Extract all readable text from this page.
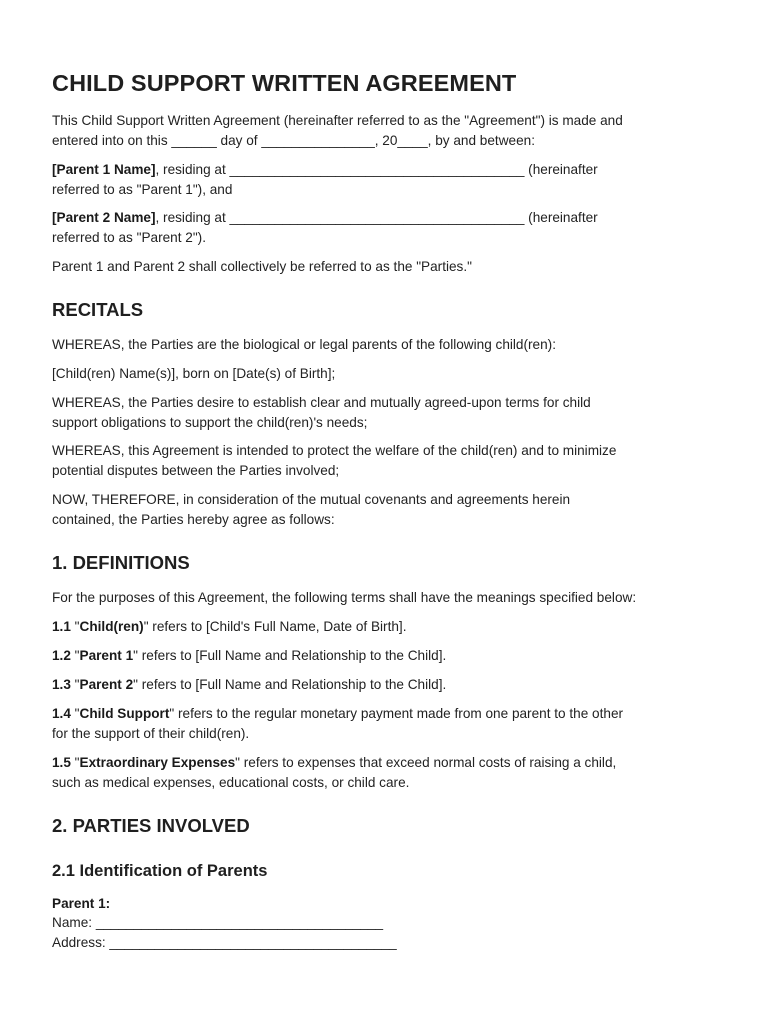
CHILD SUPPORT WRITTEN AGREEMENT

This Child Support Written Agreement (hereinafter referred to as the "Agreement") is made and

entered into on this ______ day of _______________, 20____, by and between:

[Parent 1 Name], residing at _______________________________________ (hereinafter

referred to as "Parent 1"), and

[Parent 2 Name], residing at _______________________________________ (hereinafter

referred to as "Parent 2").

Parent 1 and Parent 2 shall collectively be referred to as the "Parties."

RECITALS

WHEREAS, the Parties are the biological or legal parents of the following child(ren):

[Child(ren) Name(s)], born on [Date(s) of Birth];

WHEREAS, the Parties desire to establish clear and mutually agreed-upon terms for child

support obligations to support the child(ren)'s needs;

WHEREAS, this Agreement is intended to protect the welfare of the child(ren) and to minimize

potential disputes between the Parties involved;

NOW, THEREFORE, in consideration of the mutual covenants and agreements herein

contained, the Parties hereby agree as follows:

1. DEFINITIONS

For the purposes of this Agreement, the following terms shall have the meanings specified below:

1.1 "Child(ren)" refers to [Child's Full Name, Date of Birth].

1.2 "Parent 1" refers to [Full Name and Relationship to the Child].

1.3 "Parent 2" refers to [Full Name and Relationship to the Child].

1.4 "Child Support" refers to the regular monetary payment made from one parent to the other

for the support of their child(ren).

1.5 "Extraordinary Expenses" refers to expenses that exceed normal costs of raising a child,

such as medical expenses, educational costs, or child care.

2. PARTIES INVOLVED
2.1 Identification of Parents

Parent 1:

Name: ______________________________________

Address: ______________________________________
